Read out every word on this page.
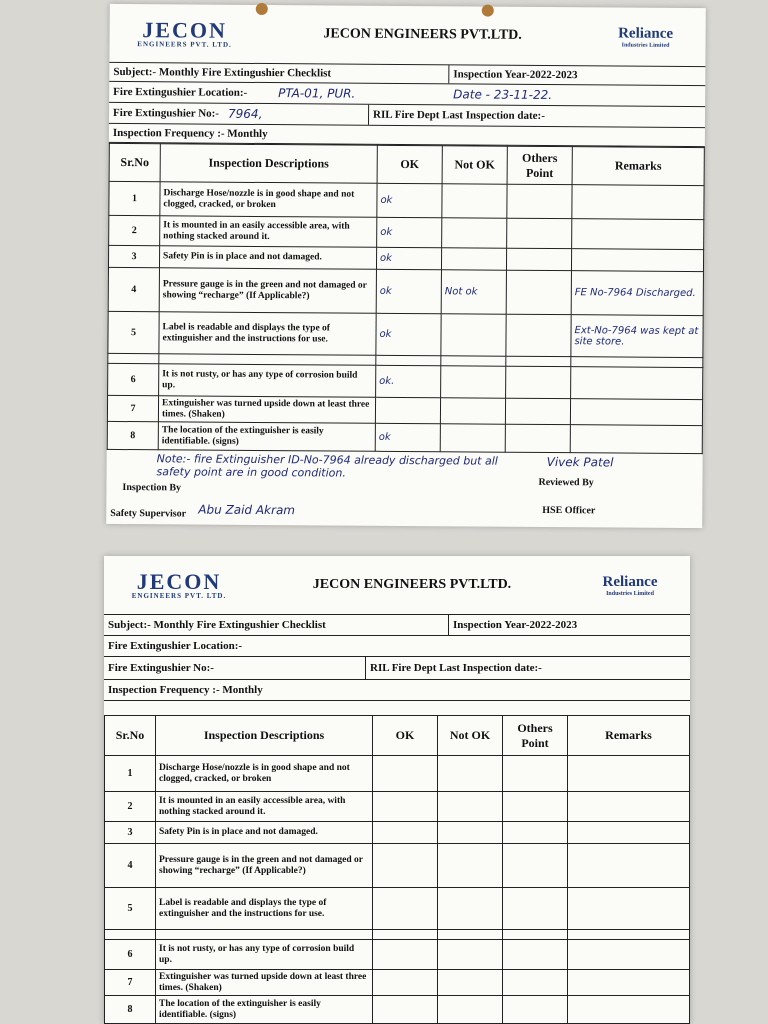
JECON
ENGINEERS PVT. LTD.
JECON ENGINEERS PVT.LTD.	Reliance
Industries Limited
Subject:- Monthly Fire Extingushier Checklist	Inspection Year-2022-2023
Fire Extingushier Location:-	PTA-01, PUR.	Date - 23-11-22.
Fire Extingushier No:- 7964,	RIL Fire Dept Last Inspection date:-
Inspection Frequency :- Monthly
Sr.No	Inspection Descriptions	OK	Not OK	Others Point	Remarks
1	Discharge Hose/nozzle is in good shape and not clogged, cracked, or broken	ok			
2	It is mounted in an easily accessible area, with nothing stacked around it.	ok			
3	Safety Pin is in place and not damaged.	ok			
4	Pressure gauge is in the green and not damaged or showing “recharge” (If Applicable?)	ok	Not ok		FE No-7964 Discharged.
5	Label is readable and displays the type of extinguisher and the instructions for use.	ok			Ext-No-7964 was kept at site store.

6	It is not rusty, or has any type of corrosion build up.	ok.			
7	Extinguisher was turned upside down at least three times. (Shaken)				
8	The location of the extinguisher is easily identifiable. (signs)	ok			
Note:- fire Extinguisher ID-No-7964 already discharged but all safety point are in good condition.
Vivek Patel
Inspection By	Reviewed By
Safety Supervisor Abu Zaid Akram	HSE Officer
JECON
ENGINEERS PVT. LTD.
JECON ENGINEERS PVT.LTD.	Reliance
Industries Limited
Subject:- Monthly Fire Extingushier Checklist	Inspection Year-2022-2023
Fire Extingushier Location:-
Fire Extingushier No:-	RIL Fire Dept Last Inspection date:-
Inspection Frequency :- Monthly
Sr.No	Inspection Descriptions	OK	Not OK	Others Point	Remarks
1	Discharge Hose/nozzle is in good shape and not clogged, cracked, or broken				
2	It is mounted in an easily accessible area, with nothing stacked around it.				
3	Safety Pin is in place and not damaged.				
4	Pressure gauge is in the green and not damaged or showing “recharge” (If Applicable?)				
5	Label is readable and displays the type of extinguisher and the instructions for use.				

6	It is not rusty, or has any type of corrosion build up.				
7	Extinguisher was turned upside down at least three times. (Shaken)				
8	The location of the extinguisher is easily identifiable. (signs)				
